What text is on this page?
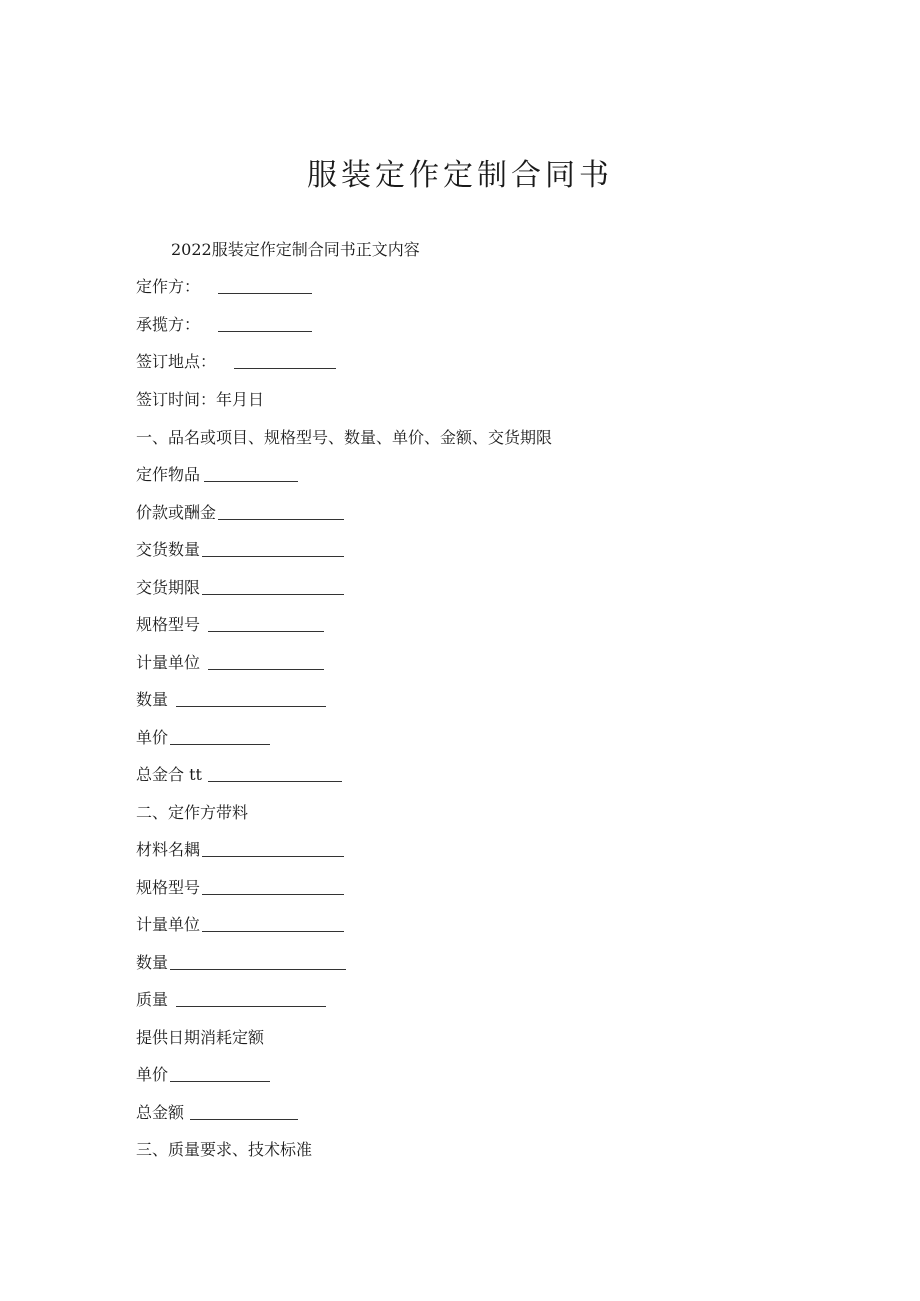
服装定作定制合同书
2022服装定作定制合同书正文内容
定作方：
承揽方：
签订地点：
签订时间：年月日
一、品名或项目、规格型号、数量、单价、金额、交货期限
定作物品
价款或酬金
交货数量
交货期限
规格型号
计量单位
数量
单价
总金合 tt
二、定作方带料
材料名耦
规格型号
计量单位
数量
质量
提供日期消耗定额
单价
总金额
三、质量要求、技术标准
